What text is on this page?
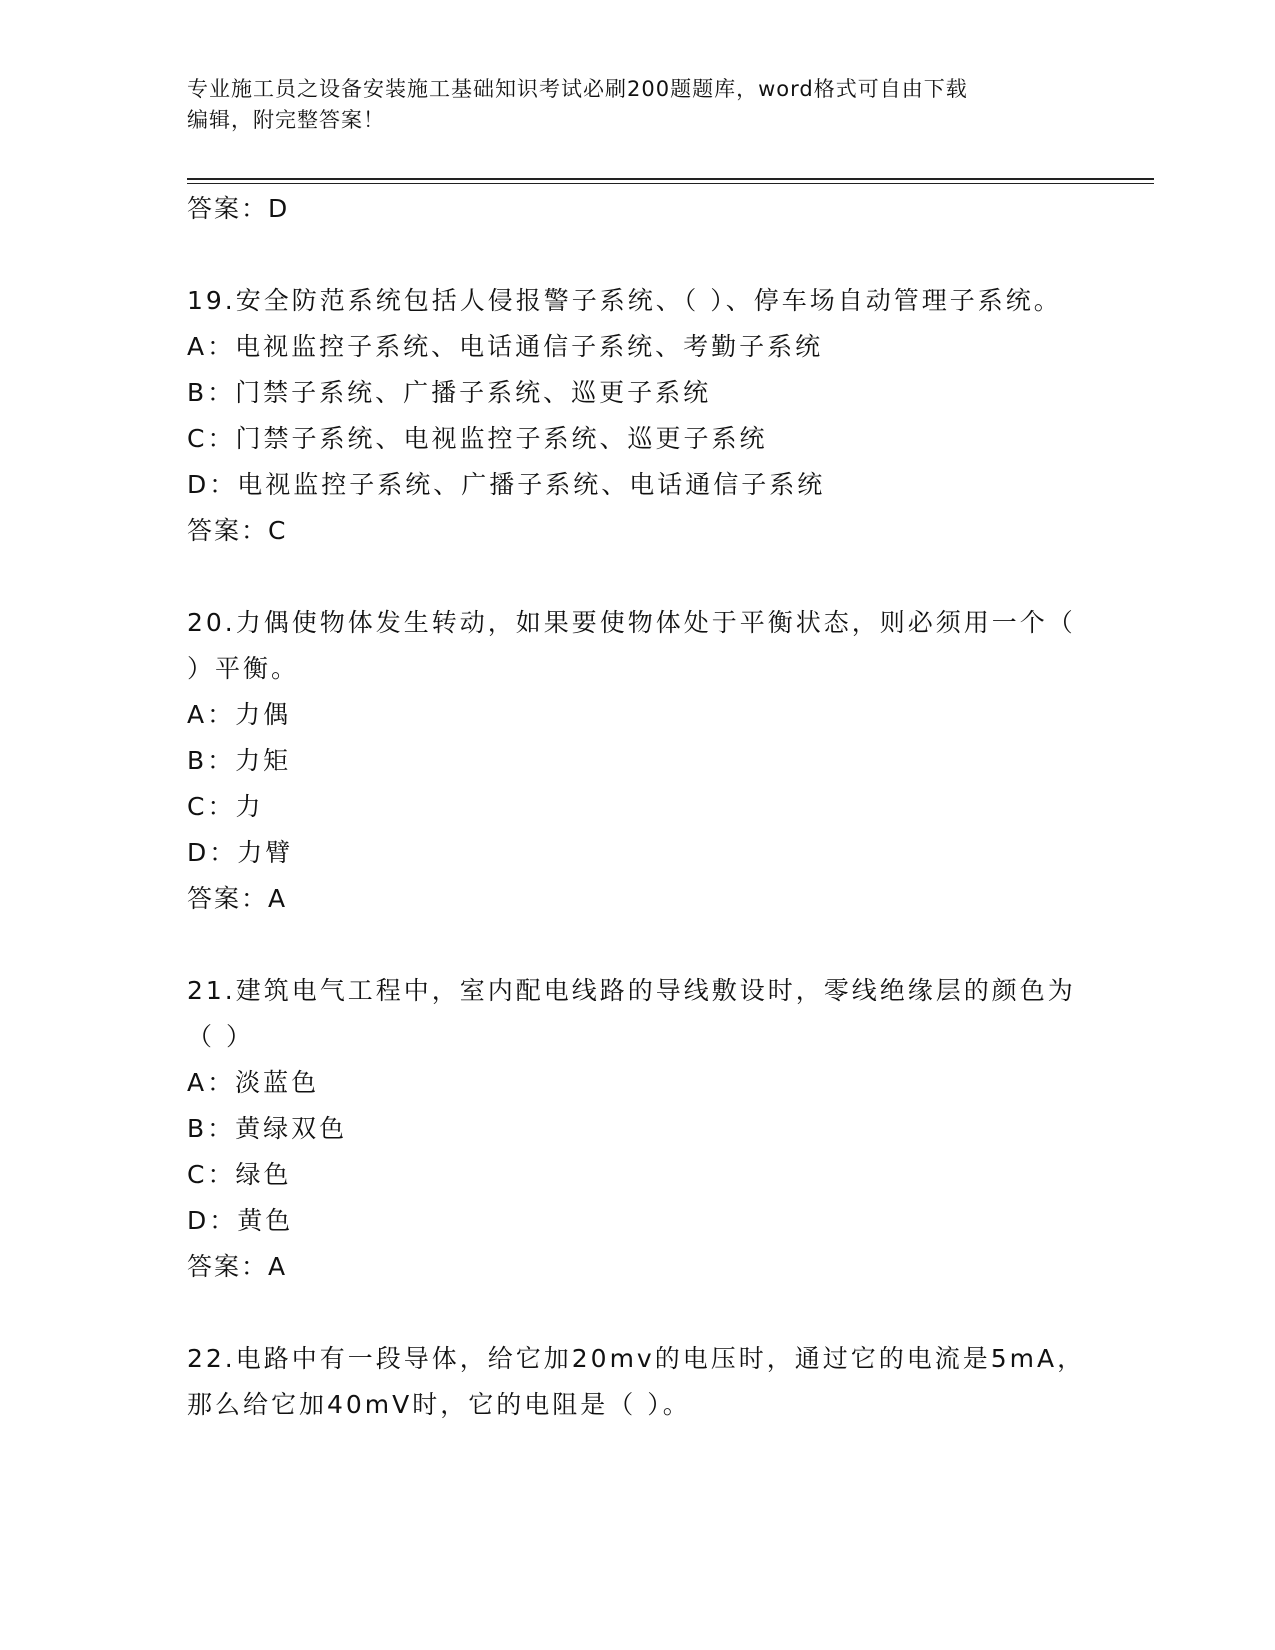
专业施工员之设备安装施工基础知识考试必刷200题题库，word格式可自由下载
编辑，附完整答案！
答案：D
19.安全防范系统包括人侵报警子系统、（ ）、停车场自动管理子系统。
A：电视监控子系统、电话通信子系统、考勤子系统
B：门禁子系统、广播子系统、巡更子系统
C：门禁子系统、电视监控子系统、巡更子系统
D：电视监控子系统、广播子系统、电话通信子系统
答案：C
20.力偶使物体发生转动，如果要使物体处于平衡状态，则必须用一个（ ）平衡。
A：力偶
B：力矩
C：力
D：力臂
答案：A
21.建筑电气工程中，室内配电线路的导线敷设时，零线绝缘层的颜色为（ ）
A：淡蓝色
B：黄绿双色
C：绿色
D：黄色
答案：A
22.电路中有一段导体，给它加20mv的电压时，通过它的电流是5mA，那么给它加40mV时，它的电阻是（ ）。
